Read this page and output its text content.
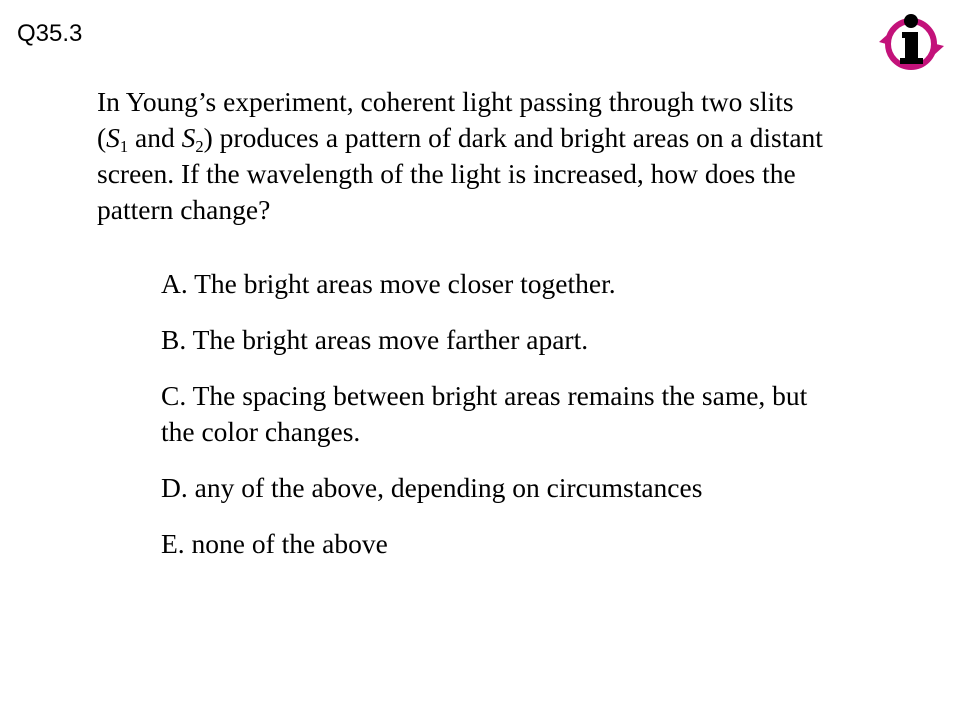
Q35.3

In Young’s experiment, coherent light passing through two slits ($S_1$ and $S_2$) produces a pattern of dark and bright areas on a distant screen. If the wavelength of the light is increased, how does the pattern change?

A. The bright areas move closer together.
B. The bright areas move farther apart.
C. The spacing between bright areas remains the same, but the color changes.
D. any of the above, depending on circumstances
E. none of the above
